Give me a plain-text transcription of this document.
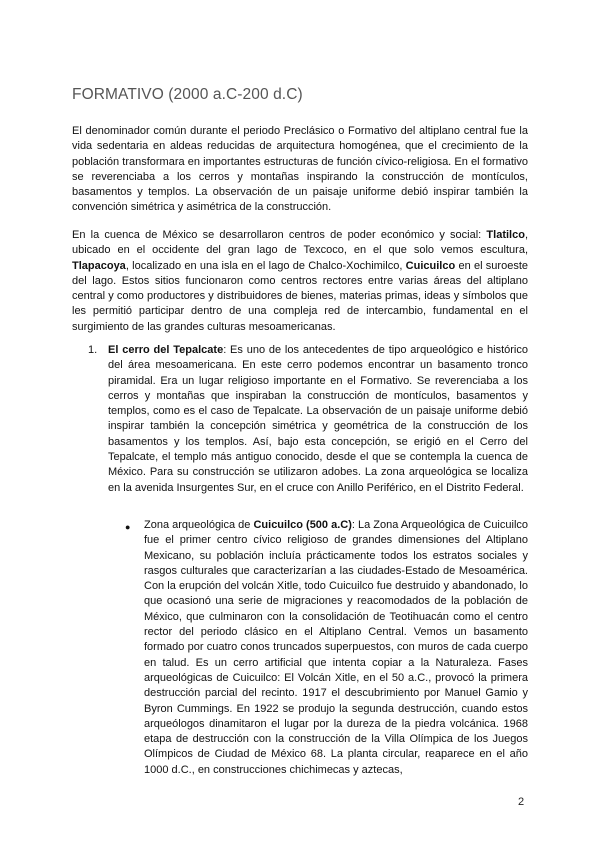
FORMATIVO (2000 a.C-200 d.C)

El denominador común durante el periodo Preclásico o Formativo del altiplano central fue la vida sedentaria en aldeas reducidas de arquitectura homogénea, que el crecimiento de la población transformara en importantes estructuras de función cívico-religiosa. En el formativo se reverenciaba a los cerros y montañas inspirando la construcción de montículos, basamentos y templos. La observación de un paisaje uniforme debió inspirar también la convención simétrica y asimétrica de la construcción.

En la cuenca de México se desarrollaron centros de poder económico y social: Tlatilco, ubicado en el occidente del gran lago de Texcoco, en el que solo vemos escultura, Tlapacoya, localizado en una isla en el lago de Chalco-Xochimilco, Cuicuilco en el suroeste del lago. Estos sitios funcionaron como centros rectores entre varias áreas del altiplano central y como productores y distribuidores de bienes, materias primas, ideas y símbolos que les permitió participar dentro de una compleja red de intercambio, fundamental en el surgimiento de las grandes culturas mesoamericanas.

1. El cerro del Tepalcate: Es uno de los antecedentes de tipo arqueológico e histórico del área mesoamericana. En este cerro podemos encontrar un basamento tronco piramidal. Era un lugar religioso importante en el Formativo. Se reverenciaba a los cerros y montañas que inspiraban la construcción de montículos, basamentos y templos, como es el caso de Tepalcate. La observación de un paisaje uniforme debió inspirar también la concepción simétrica y geométrica de la construcción de los basamentos y los templos. Así, bajo esta concepción, se erigió en el Cerro del Tepalcate, el templo más antiguo conocido, desde el que se contempla la cuenca de México. Para su construcción se utilizaron adobes. La zona arqueológica se localiza en la avenida Insurgentes Sur, en el cruce con Anillo Periférico, en el Distrito Federal.

● Zona arqueológica de Cuicuilco (500 a.C): La Zona Arqueológica de Cuicuilco fue el primer centro cívico religioso de grandes dimensiones del Altiplano Mexicano, su población incluía prácticamente todos los estratos sociales y rasgos culturales que caracterizarían a las ciudades-Estado de Mesoamérica. Con la erupción del volcán Xitle, todo Cuicuilco fue destruido y abandonado, lo que ocasionó una serie de migraciones y reacomodados de la población de México, que culminaron con la consolidación de Teotihuacán como el centro rector del periodo clásico en el Altiplano Central. Vemos un basamento formado por cuatro conos truncados superpuestos, con muros de cada cuerpo en talud. Es un cerro artificial que intenta copiar a la Naturaleza. Fases arqueológicas de Cuicuilco: El Volcán Xitle, en el 50 a.C., provocó la primera destrucción parcial del recinto. 1917 el descubrimiento por Manuel Gamio y Byron Cummings. En 1922 se produjo la segunda destrucción, cuando estos arqueólogos dinamitaron el lugar por la dureza de la piedra volcánica. 1968 etapa de destrucción con la construcción de la Villa Olímpica de los Juegos Olímpicos de Ciudad de México 68. La planta circular, reaparece en el año 1000 d.C., en construcciones chichimecas y aztecas,

2
